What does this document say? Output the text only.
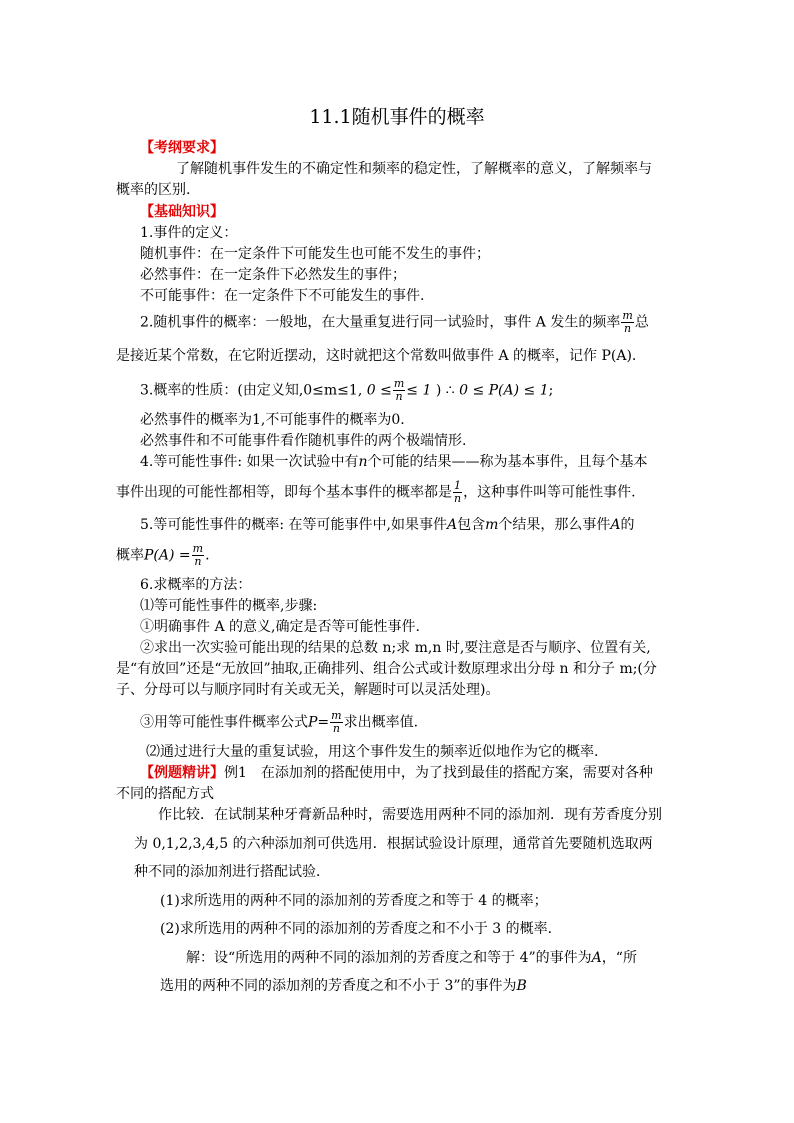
11.1随机事件的概率
【考纲要求】
了解随机事件发生的不确定性和频率的稳定性，了解概率的意义，了解频率与
概率的区别.
【基础知识】
1.事件的定义：
随机事件：在一定条件下可能发生也可能不发生的事件；
必然事件：在一定条件下必然发生的事件；
不可能事件：在一定条件下不可能发生的事件.
2.随机事件的概率：一般地，在大量重复进行同一试验时，事件 A 发生的频率 $\frac{m}{n}$ 总
是接近某个常数，在它附近摆动，这时就把这个常数叫做事件 A 的概率，记作 P(A).
3.概率的性质：(由定义知,0≤m≤1, $0 \le \frac{m}{n} \le 1$ ) ∴ 0 ≤ P(A) ≤ 1;
必然事件的概率为1,不可能事件的概率为0.
必然事件和不可能事件看作随机事件的两个极端情形.
4.等可能性事件: 如果一次试验中有n个可能的结果——称为基本事件，且每个基本
事件出现的可能性都相等，即每个基本事件的概率都是 $\frac{1}{n}$ ，这种事件叫等可能性事件.
5.等可能性事件的概率: 在等可能事件中,如果事件A包含m个结果，那么事件A的
概率$P(A) = \frac{m}{n}$ .
6.求概率的方法：
⑴等可能性事件的概率,步骤:
①明确事件 A 的意义,确定是否等可能性事件.
②求出一次实验可能出现的结果的总数 n;求 m,n 时,要注意是否与顺序、位置有关,
是“有放回”还是“无放回”抽取,正确排列、组合公式或计数原理求出分母 n 和分子 m;(分
子、分母可以与顺序同时有关或无关，解题时可以灵活处理)。
③用等可能性事件概率公式$P= \frac{m}{n}$ 求出概率值.
⑵通过进行大量的重复试验，用这个事件发生的频率近似地作为它的概率.
【例题精讲】例1　在添加剂的搭配使用中，为了找到最佳的搭配方案，需要对各种
不同的搭配方式
作比较．在试制某种牙膏新品种时，需要选用两种不同的添加剂．现有芳香度分别
为 0,1,2,3,4,5 的六种添加剂可供选用．根据试验设计原理，通常首先要随机选取两
种不同的添加剂进行搭配试验．
(1)求所选用的两种不同的添加剂的芳香度之和等于 4 的概率；
(2)求所选用的两种不同的添加剂的芳香度之和不小于 3 的概率．
解：设“所选用的两种不同的添加剂的芳香度之和等于 4”的事件为A，“所
选用的两种不同的添加剂的芳香度之和不小于 3”的事件为B
